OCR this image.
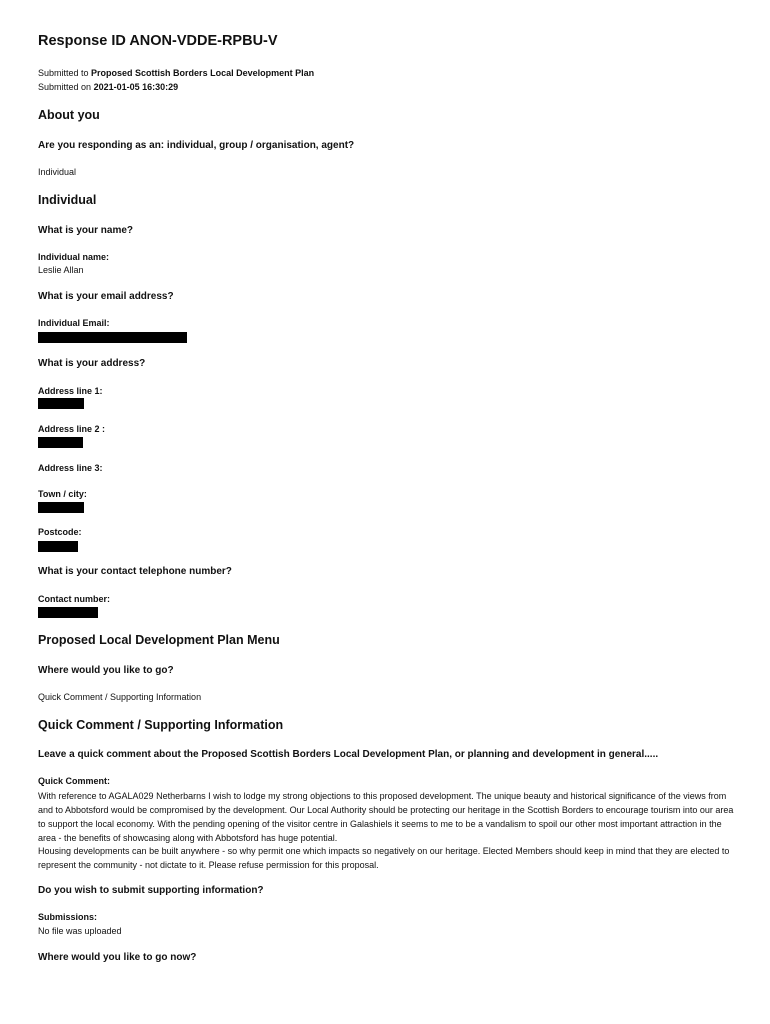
Response ID ANON-VDDE-RPBU-V
Submitted to Proposed Scottish Borders Local Development Plan
Submitted on 2021-01-05 16:30:29
About you
Are you responding as an: individual, group / organisation, agent?
Individual
Individual
What is your name?
Individual name:
Leslie Allan
What is your email address?
Individual Email:
What is your address?
Address line 1:
Address line 2 :
Address line 3:
Town / city:
Postcode:
What is your contact telephone number?
Contact number:
Proposed Local Development Plan Menu
Where would you like to go?
Quick Comment / Supporting Information
Quick Comment / Supporting Information
Leave a quick comment about the Proposed Scottish Borders Local Development Plan, or planning and development in general.....
Quick Comment:
With reference to AGALA029 Netherbarns I wish to lodge my strong objections to this proposed development. The unique beauty and historical significance of the views from and to Abbotsford would be compromised by the development. Our Local Authority should be protecting our heritage in the Scottish Borders to encourage tourism into our area to support the local economy. With the pending opening of the visitor centre in Galashiels it seems to me to be a vandalism to spoil our other most important attraction in the area - the benefits of showcasing along with Abbotsford has huge potential.
Housing developments can be built anywhere - so why permit one which impacts so negatively on our heritage. Elected Members should keep in mind that they are elected to represent the community - not dictate to it. Please refuse permission for this proposal.
Do you wish to submit supporting information?
Submissions:
No file was uploaded
Where would you like to go now?
